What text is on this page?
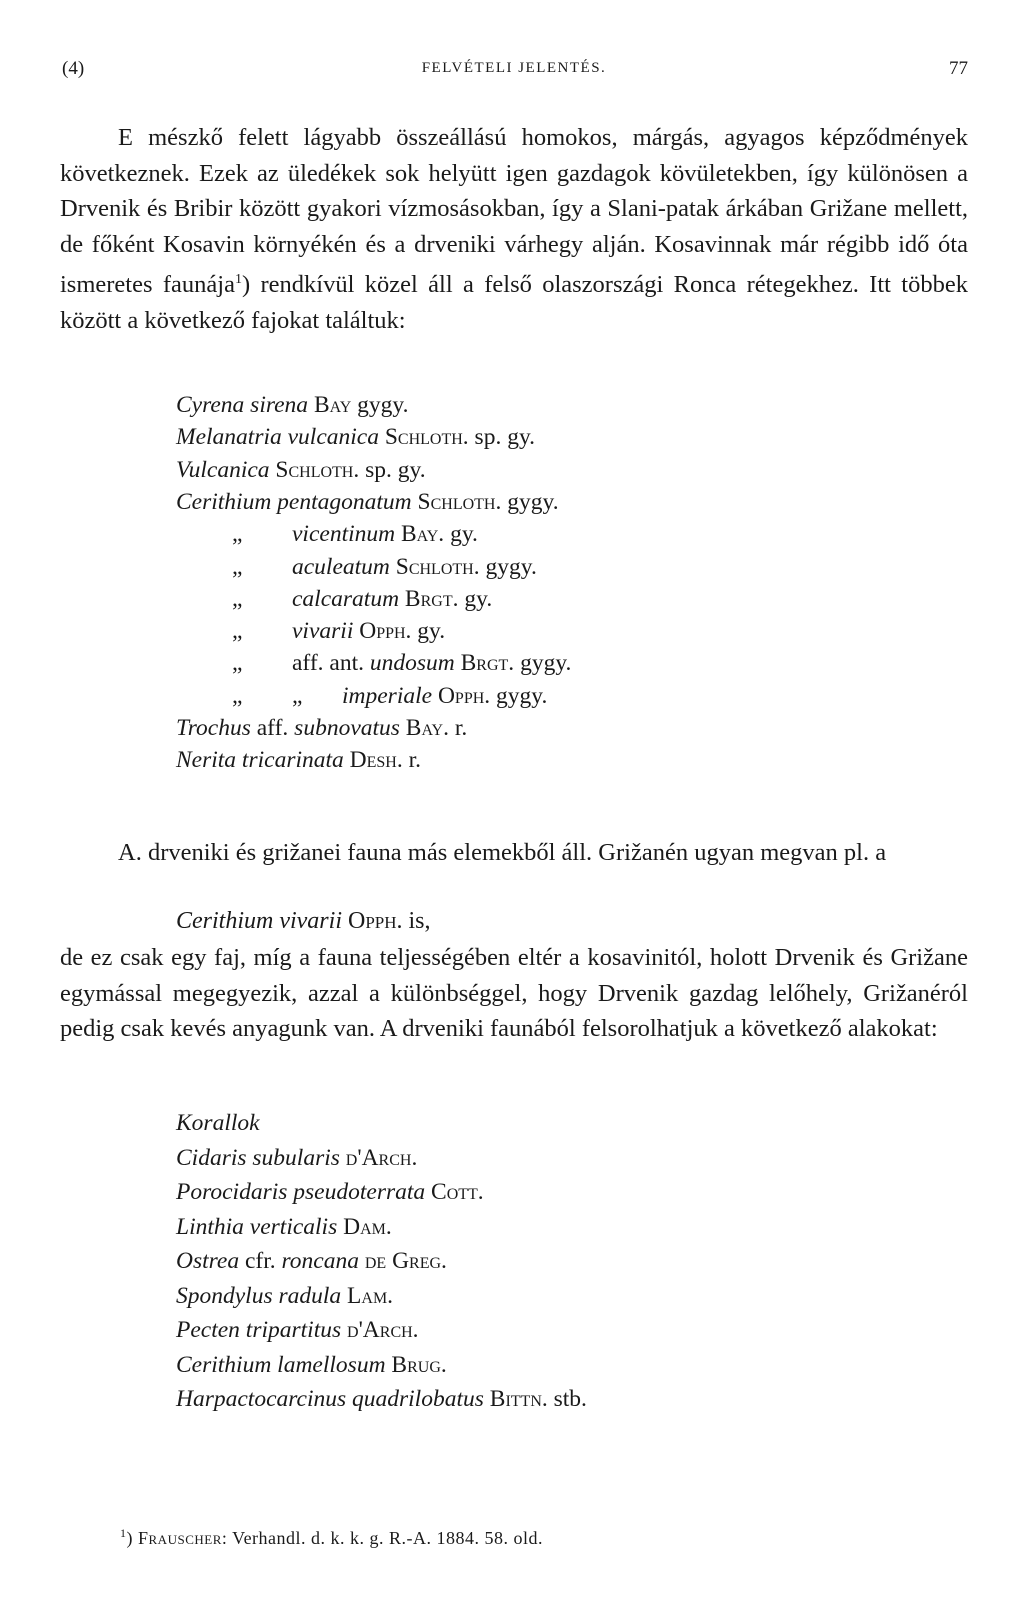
(4)	FELVÉTELI JELENTÉS.	77
E mészkő felett lágyabb összeállású homokos, márgás, agyagos képződmények következnek. Ezek az üledékek sok helyütt igen gazdagok kövületekben, így különösen a Drvenik és Bribir között gyakori vízmosásokban, így a Slani-patak árkában Grižane mellett, de főként Kosavin környékén és a drveniki várhegy alján. Kosavinnak már régibb idő óta ismeretes faunája$^1$) rendkívül közel áll a felső olaszországi Ronca rétegekhez. Itt többek között a következő fajokat találtuk:
Cyrena sirena Bay gygy.
Melanatria vulcanica Schloth. sp. gy.
Vulcanica Schloth. sp. gy.
Cerithium pentagonatum Schloth. gygy.
„ vicentinum Bay. gy.
„ aculeatum Schloth. gygy.
„ calcaratum Brgt. gy.
„ vivarii Opph. gy.
„ aff. ant. undosum Brgt. gygy.
„ „ imperiale Opph. gygy.
Trochus aff. subnovatus Bay. r.
Nerita tricarinata Desh. r.
A. drveniki és grižanei fauna más elemekből áll. Grižanén ugyan megvan pl. a
Cerithium vivarii Opph. is,
de ez csak egy faj, míg a fauna teljességében eltér a kosavinitól, holott Drvenik és Grižane egymással megegyezik, azzal a különbséggel, hogy Drvenik gazdag lelőhely, Grižanéról pedig csak kevés anyagunk van. A drveniki faunából felsorolhatjuk a következő alakokat:
Korallok
Cidaris subularis d'Arch.
Porocidaris pseudoterrata Cott.
Linthia verticalis Dam.
Ostrea cfr. roncana de Greg.
Spondylus radula Lam.
Pecten tripartitus d'Arch.
Cerithium lamellosum Brug.
Harpactocarcinus quadrilobatus Bittn. stb.
$^1$) Frauscher: Verhandl. d. k. k. g. R.-A. 1884. 58. old.
